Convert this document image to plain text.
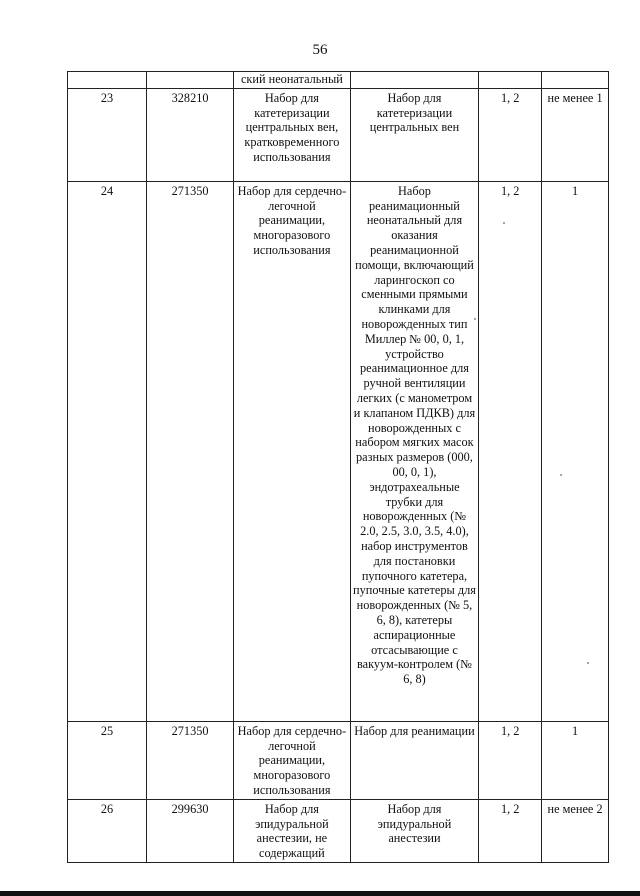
56
		ский неонатальный			
23	328210	Набор для катетеризации центральных вен, кратковременного использования	Набор для катетеризации центральных вен	1, 2	не менее 1
24	271350	Набор для сердечно-легочной реанимации, многоразового использования	Набор реанимационный неонатальный для оказания реанимационной помощи, включающий ларингоскоп со сменными прямыми клинками для новорожденных тип Миллер № 00, 0, 1, устройство реанимационное для ручной вентиляции легких (с манометром и клапаном ПДКВ) для новорожденных с набором мягких масок разных размеров (000, 00, 0, 1), эндотрахеальные трубки для новорожденных (№ 2.0, 2.5, 3.0, 3.5, 4.0), набор инструментов для постановки пупочного катетера, пупочные катетеры для новорожденных (№ 5, 6, 8), катетеры аспирационные отсасывающие с вакуум-контролем (№ 6, 8)	1, 2	1
25	271350	Набор для сердечно-легочной реанимации, многоразового использования	Набор для реанимации	1, 2	1
26	299630	Набор для эпидуральной анестезии, не содержащий	Набор для эпидуральной анестезии	1, 2	не менее 2
